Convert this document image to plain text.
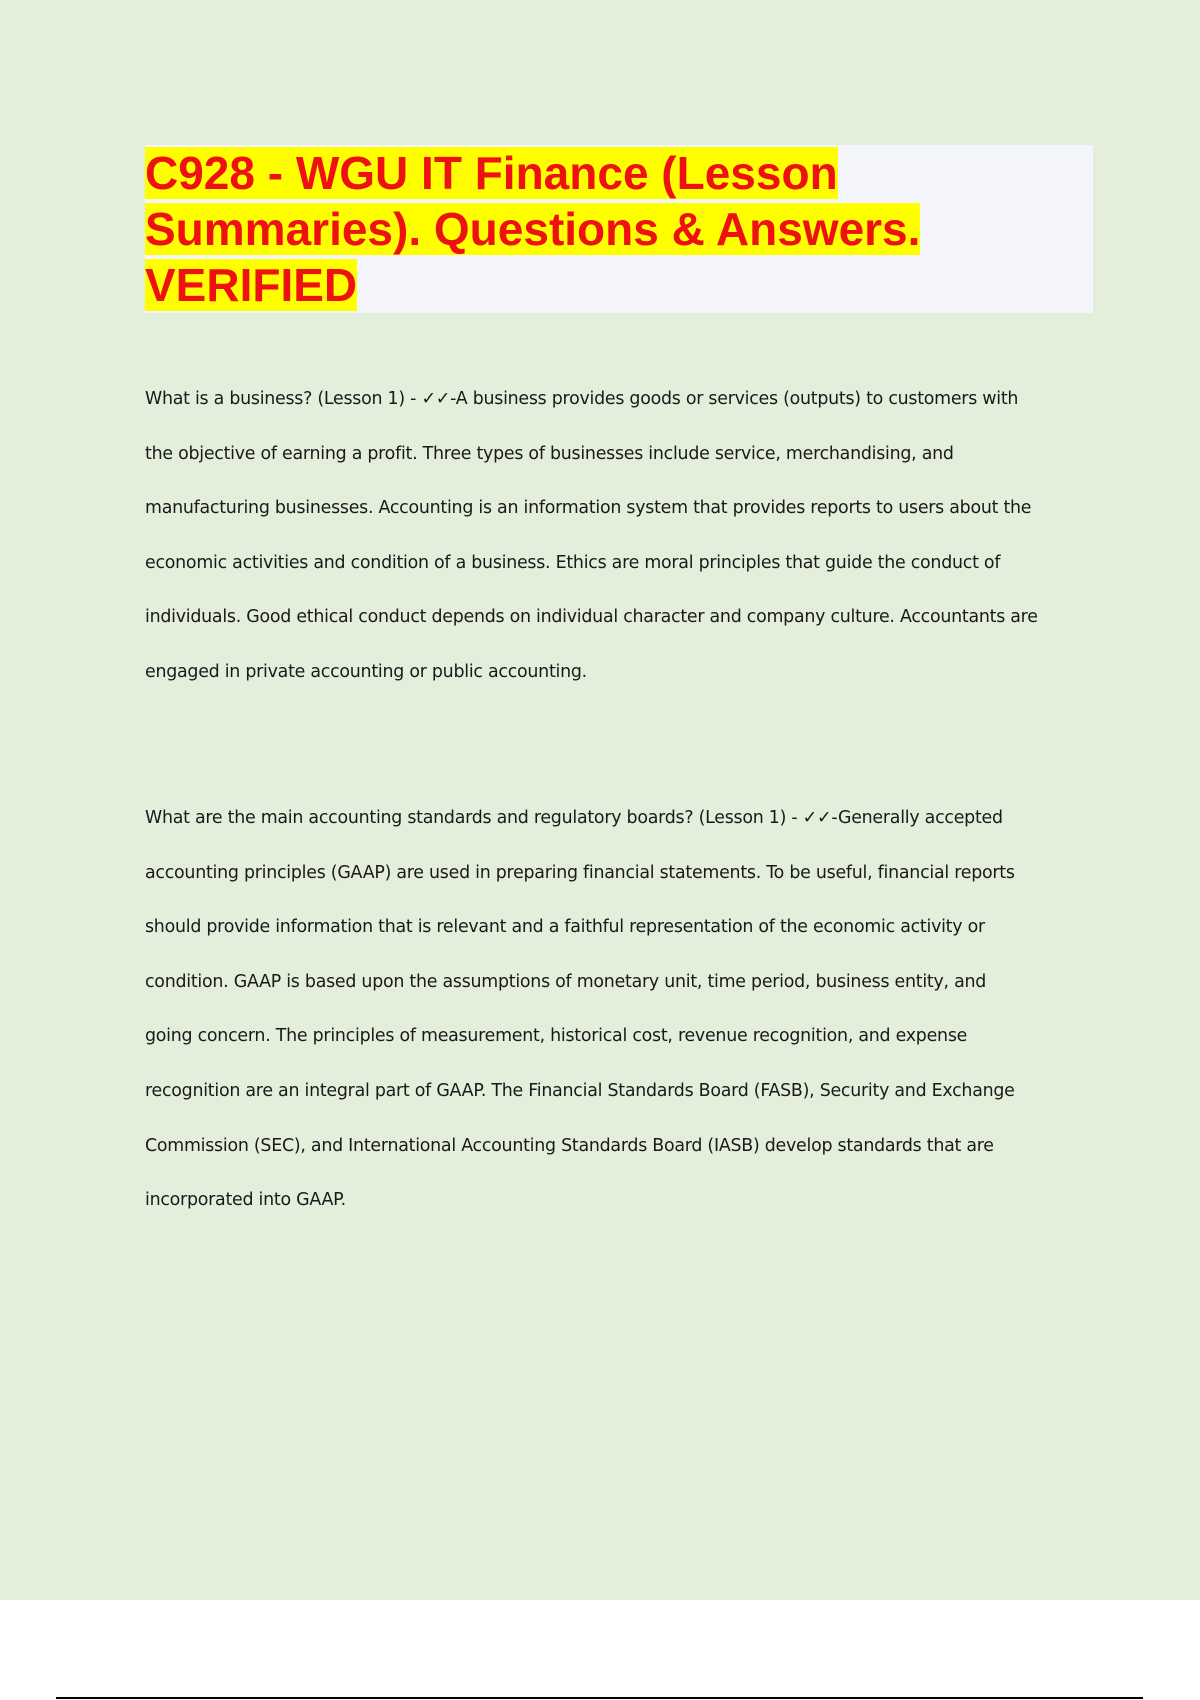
C928 - WGU IT Finance (Lesson
Summaries). Questions & Answers.
VERIFIED
What is a business? (Lesson 1) - ✓✓-A business provides goods or services (outputs) to customers with
the objective of earning a profit. Three types of businesses include service, merchandising, and
manufacturing businesses. Accounting is an information system that provides reports to users about the
economic activities and condition of a business. Ethics are moral principles that guide the conduct of
individuals. Good ethical conduct depends on individual character and company culture. Accountants are
engaged in private accounting or public accounting.
What are the main accounting standards and regulatory boards? (Lesson 1) - ✓✓-Generally accepted
accounting principles (GAAP) are used in preparing financial statements. To be useful, financial reports
should provide information that is relevant and a faithful representation of the economic activity or
condition. GAAP is based upon the assumptions of monetary unit, time period, business entity, and
going concern. The principles of measurement, historical cost, revenue recognition, and expense
recognition are an integral part of GAAP. The Financial Standards Board (FASB), Security and Exchange
Commission (SEC), and International Accounting Standards Board (IASB) develop standards that are
incorporated into GAAP.
